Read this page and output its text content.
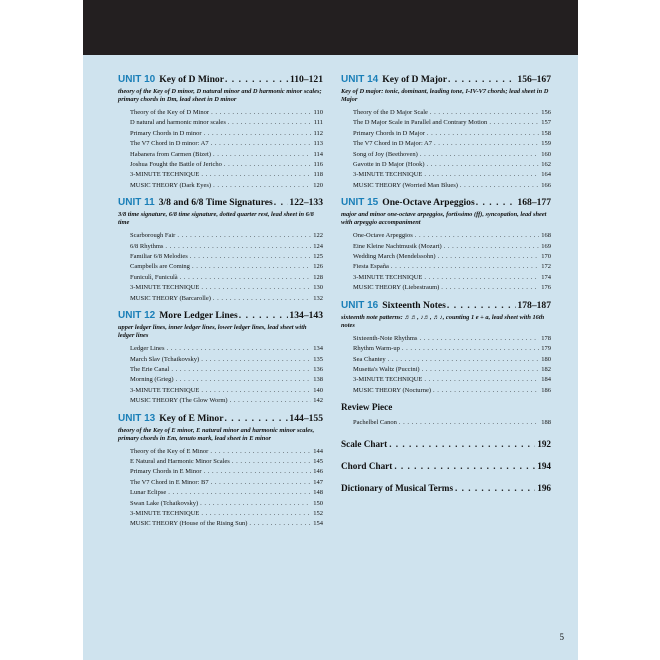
UNIT 10 Key of D Minor . . .	110–121
theory of the Key of D minor, D natural minor and D harmonic minor scales; primary chords in Dm, lead sheet in D minor
Theory of the Key of D Minor . . .	110
D natural and harmonic minor scales . . .	111
Primary Chords in D minor . . .	112
The V7 Chord in D minor: A7 . . .	113
Habanera from Carmen (Bizet) . . .	114
Joshua Fought the Battle of Jericho . . .	116
3-MINUTE TECHNIQUE . . .	118
MUSIC THEORY (Dark Eyes) . . .	120
UNIT 11 3/8 and 6/8 Time Signatures . . . 122–133
3/8 time signature, 6/8 time signature, dotted quarter rest, lead sheet in 6/8 time
Scarborough Fair . . .	122
6/8 Rhythms . . .	124
Familiar 6/8 Melodies . . .	125
Campbells are Coming . . .	126
Funiculì, Funiculà . . .	128
3-MINUTE TECHNIQUE . . .	130
MUSIC THEORY (Barcarolle) . . .	132
UNIT 12 More Ledger Lines . . .	134–143
upper ledger lines, inner ledger lines, lower ledger lines, lead sheet with ledger lines
Ledger Lines . . .	134
March Slav (Tchaikovsky) . . .	135
The Erie Canal . . .	136
Morning (Grieg) . . .	138
3-MINUTE TECHNIQUE . . .	140
MUSIC THEORY (The Glow Worm) . . .	142
UNIT 13 Key of E Minor . . .	144–155
theory of the Key of E minor, E natural minor and harmonic minor scales, primary chords in Em, tenuto mark, lead sheet in E minor
Theory of the Key of E Minor . . .	144
E Natural and Harmonic Minor Scales . . .	145
Primary Chords in E Minor . . .	146
The V7 Chord in E Minor: B7 . . .	147
Lunar Eclipse . . .	148
Swan Lake (Tchaikovsky) . . .	150
3-MINUTE TECHNIQUE . . .	152
MUSIC THEORY (House of the Rising Sun) . . .	154
UNIT 14 Key of D Major . . .	156–167
Key of D major: tonic, dominant, leading tone, I-IV-V7 chords; lead sheet in D Major
Theory of the D Major Scale . . .	156
The D Major Scale in Parallel and Contrary Motion . . .	157
Primary Chords in D Major . . .	158
The V7 Chord in D Major: A7 . . .	159
Song of Joy (Beethoven) . . .	160
Gavotte in D Major (Hook) . . .	162
3-MINUTE TECHNIQUE . . .	164
MUSIC THEORY (Worried Man Blues) . . .	166
UNIT 15 One-Octave Arpeggios . . .	168–177
major and minor one-octave arpeggios, fortissimo (ff), syncopation, lead sheet with arpeggio accompaniment
One-Octave Arpeggios . . .	168
Eine Kleine Nachtmusik (Mozart) . . .	169
Wedding March (Mendelssohn) . . .	170
Fiesta España . . .	172
3-MINUTE TECHNIQUE . . .	174
MUSIC THEORY (Liebestraum) . . .	176
UNIT 16 Sixteenth Notes . . .	178–187
sixteenth note patterns: ♬♬, ♪♬, ♬♪, counting 1 e + a, lead sheet with 16th notes
Sixteenth-Note Rhythms . . .	178
Rhythm Warm-up . . .	179
Sea Chantey . . .	180
Musetta's Waltz (Puccini) . . .	182
3-MINUTE TECHNIQUE . . .	184
MUSIC THEORY (Nocturne) . . .	186
Review Piece
Pachelbel Canon . . .	188
Scale Chart . . .	192
Chord Chart . . .	194
Dictionary of Musical Terms . . .	196
5
